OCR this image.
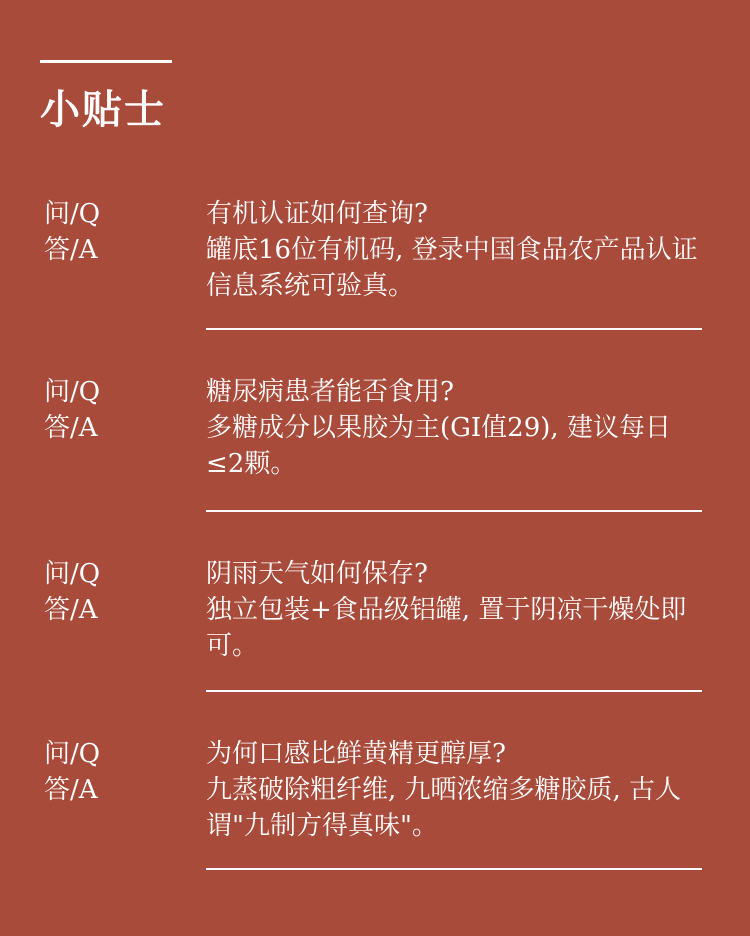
小贴士
问/Q
答/A
有机认证如何查询?
罐底16位有机码, 登录中国食品农产品认证信息系统可验真。
问/Q
答/A
糖尿病患者能否食用?
多糖成分以果胶为主(GI值29), 建议每日≤2颗。
问/Q
答/A
阴雨天气如何保存?
独立包装+食品级铝罐, 置于阴凉干燥处即可。
问/Q
答/A
为何口感比鲜黄精更醇厚?
九蒸破除粗纤维, 九晒浓缩多糖胶质, 古人谓"九制方得真味"。
